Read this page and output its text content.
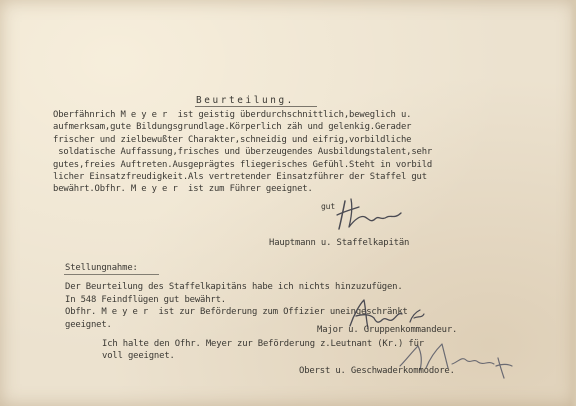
Beurteilung.
Oberfähnrich M e y e r  ist geistig überdurchschnittlich,beweglich u.
aufmerksam,gute Bildungsgrundlage.Körperlich zäh und gelenkig.Gerader
frischer und zielbewußter Charakter,schneidig und eifrig,vorbildliche
soldatische Auffassung,frisches und überzeugendes Ausbildungstalent,sehr
gutes,freies Auftreten.Ausgeprägtes fliegerisches Gefühl.Steht in vorbild
licher Einsatzfreudigkeit.Als vertretender Einsatzführer der Staffel gut
bewährt.Obfhr. M e y e r  ist zum Führer geeignet.
gut
Hauptmann u. Staffelkapitän
Stellungnahme:

Der Beurteilung des Staffelkapitäns habe ich nichts hinzuzufügen.
In 548 Feindflügen gut bewährt.
Obfhr. M e y e r  ist zur Beförderung zum Offizier uneingeschränkt
geeignet.
Major u. Gruppenkommandeur.
Ich halte den Ofhr. Meyer zur Beförderung z.Leutnant (Kr.) für
voll geeignet.
Oberst u. Geschwaderkommodore.
